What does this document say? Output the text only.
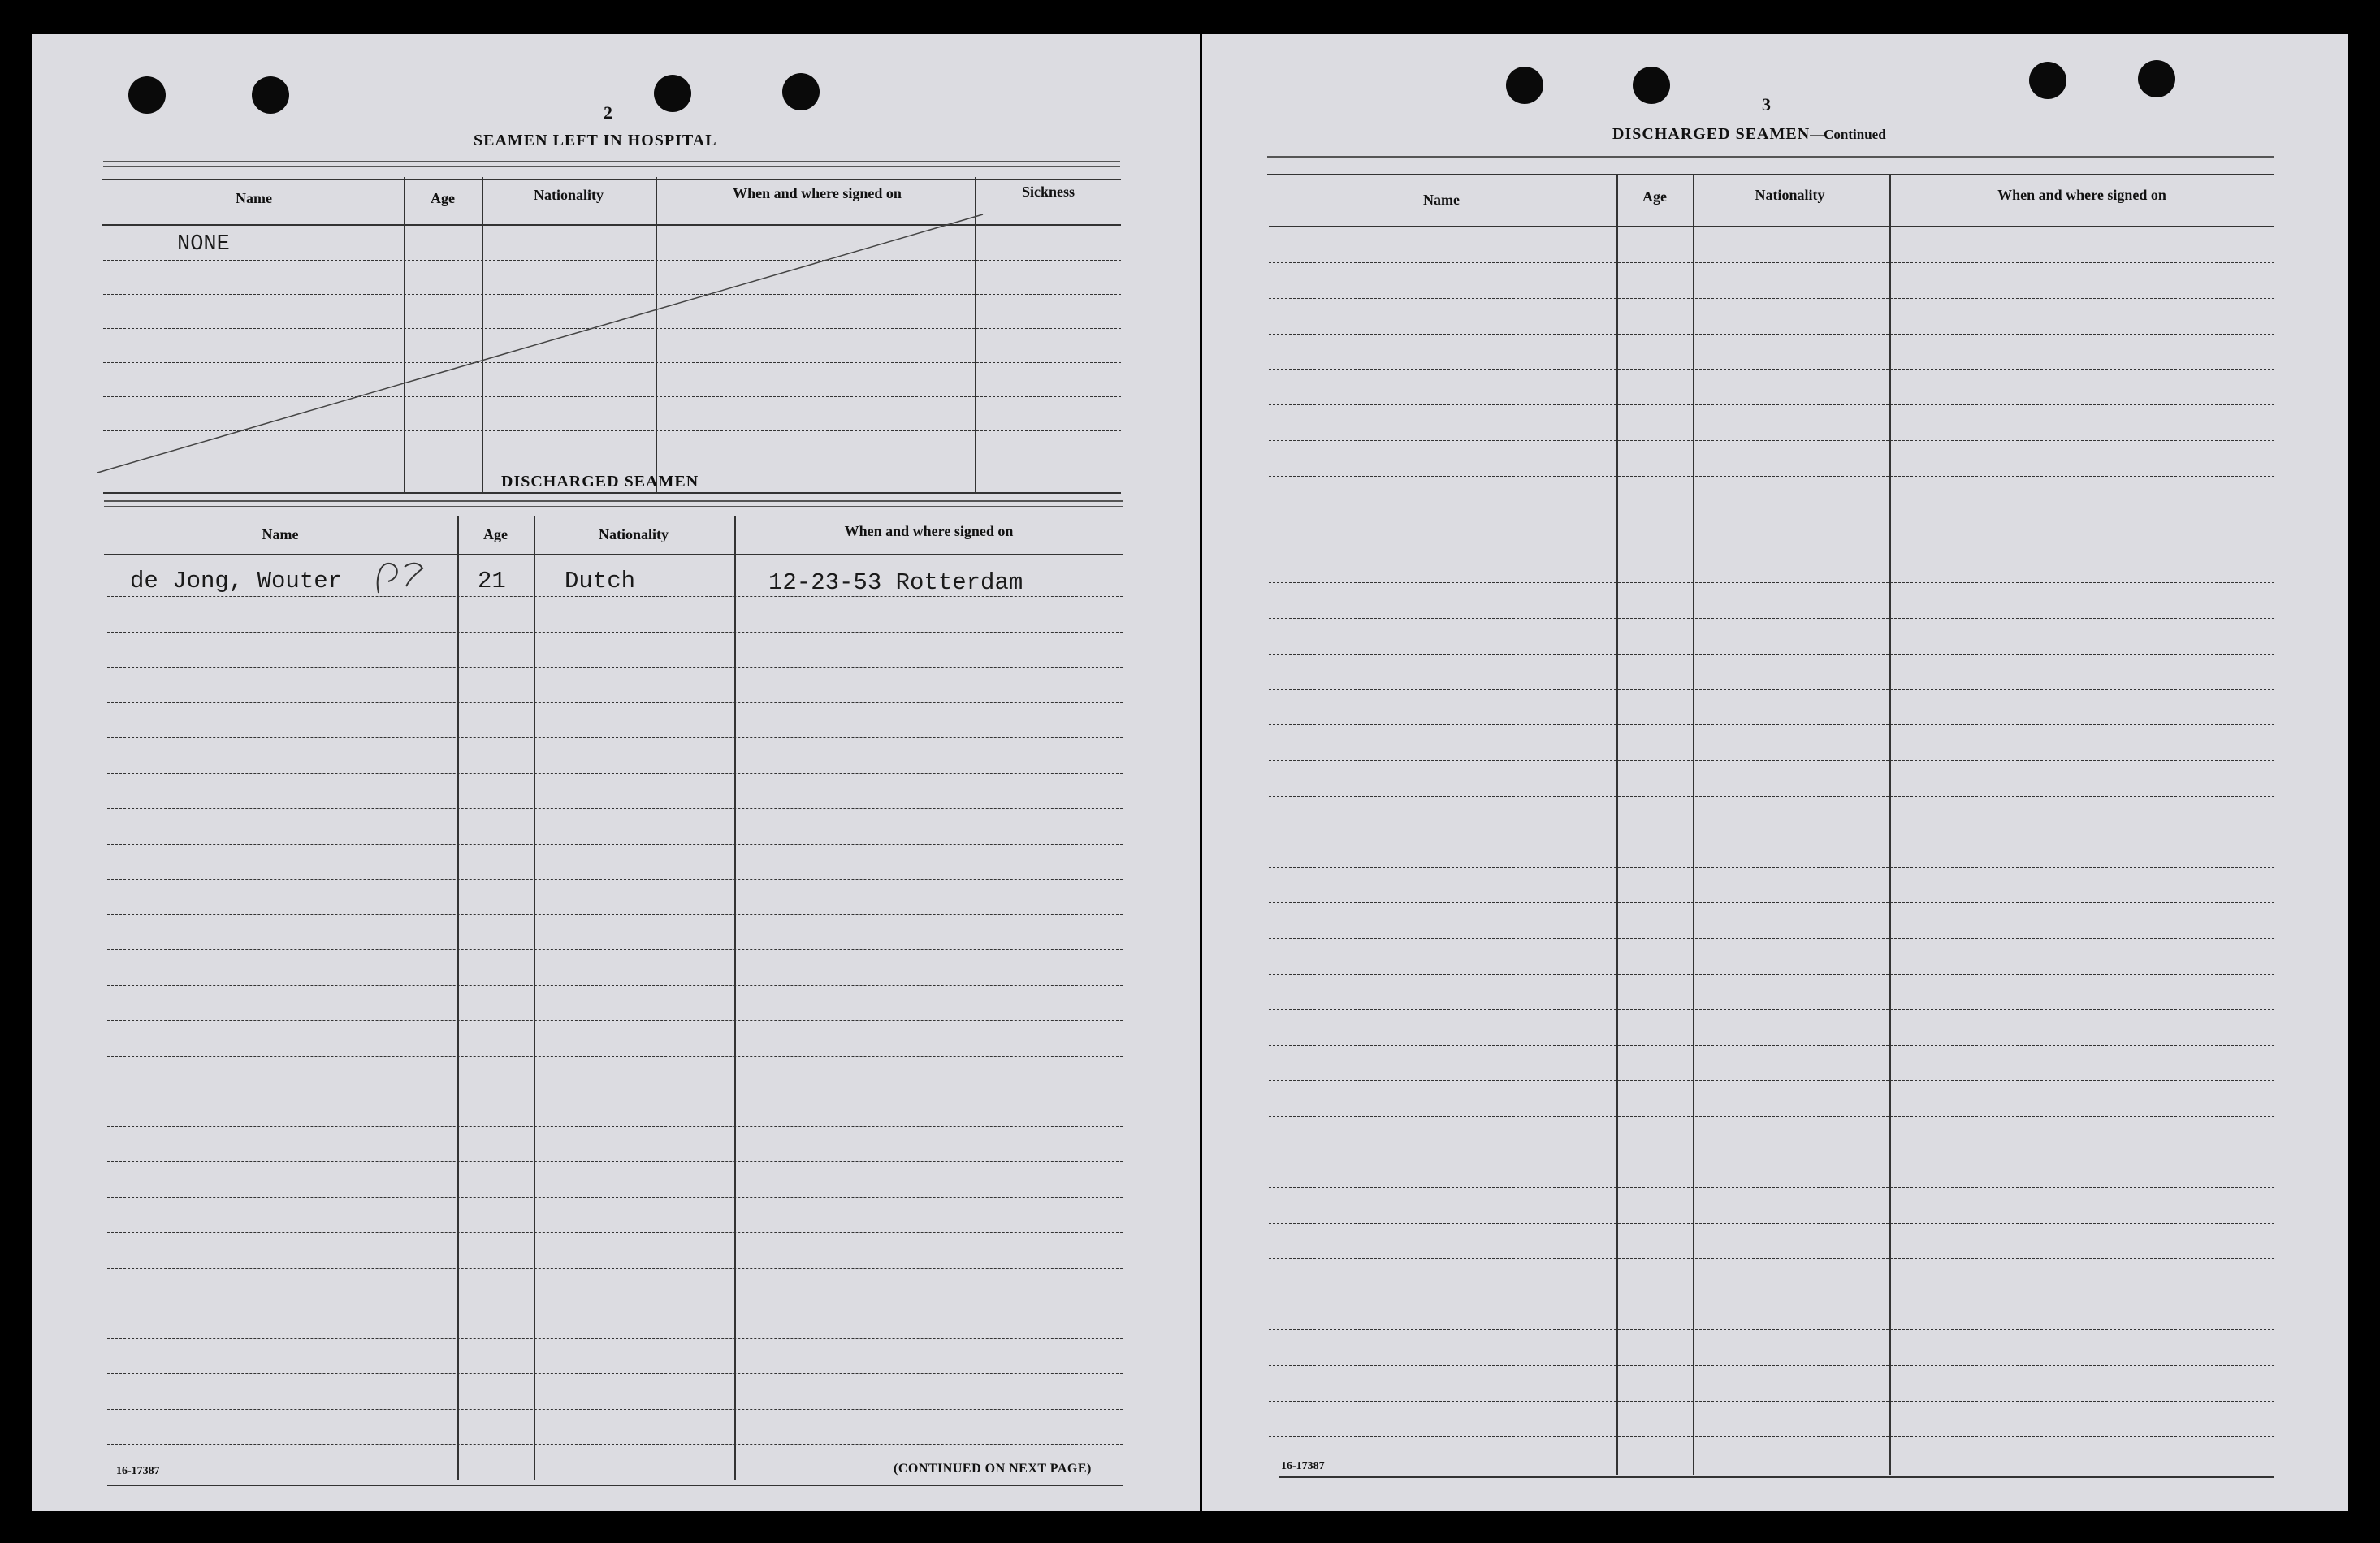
2
SEAMEN LEFT IN HOSPITAL
Name	Age	Nationality	When and where signed on	Sickness
NONE
DISCHARGED SEAMEN
Name	Age	Nationality	When and where signed on
de Jong, Wouter	21 Dutch	12-23-53 Rotterdam
16-17387	(CONTINUED ON NEXT PAGE)
3
DISCHARGED SEAMEN—Continued
Name	Age	Nationality	When and where signed on
16-17387
